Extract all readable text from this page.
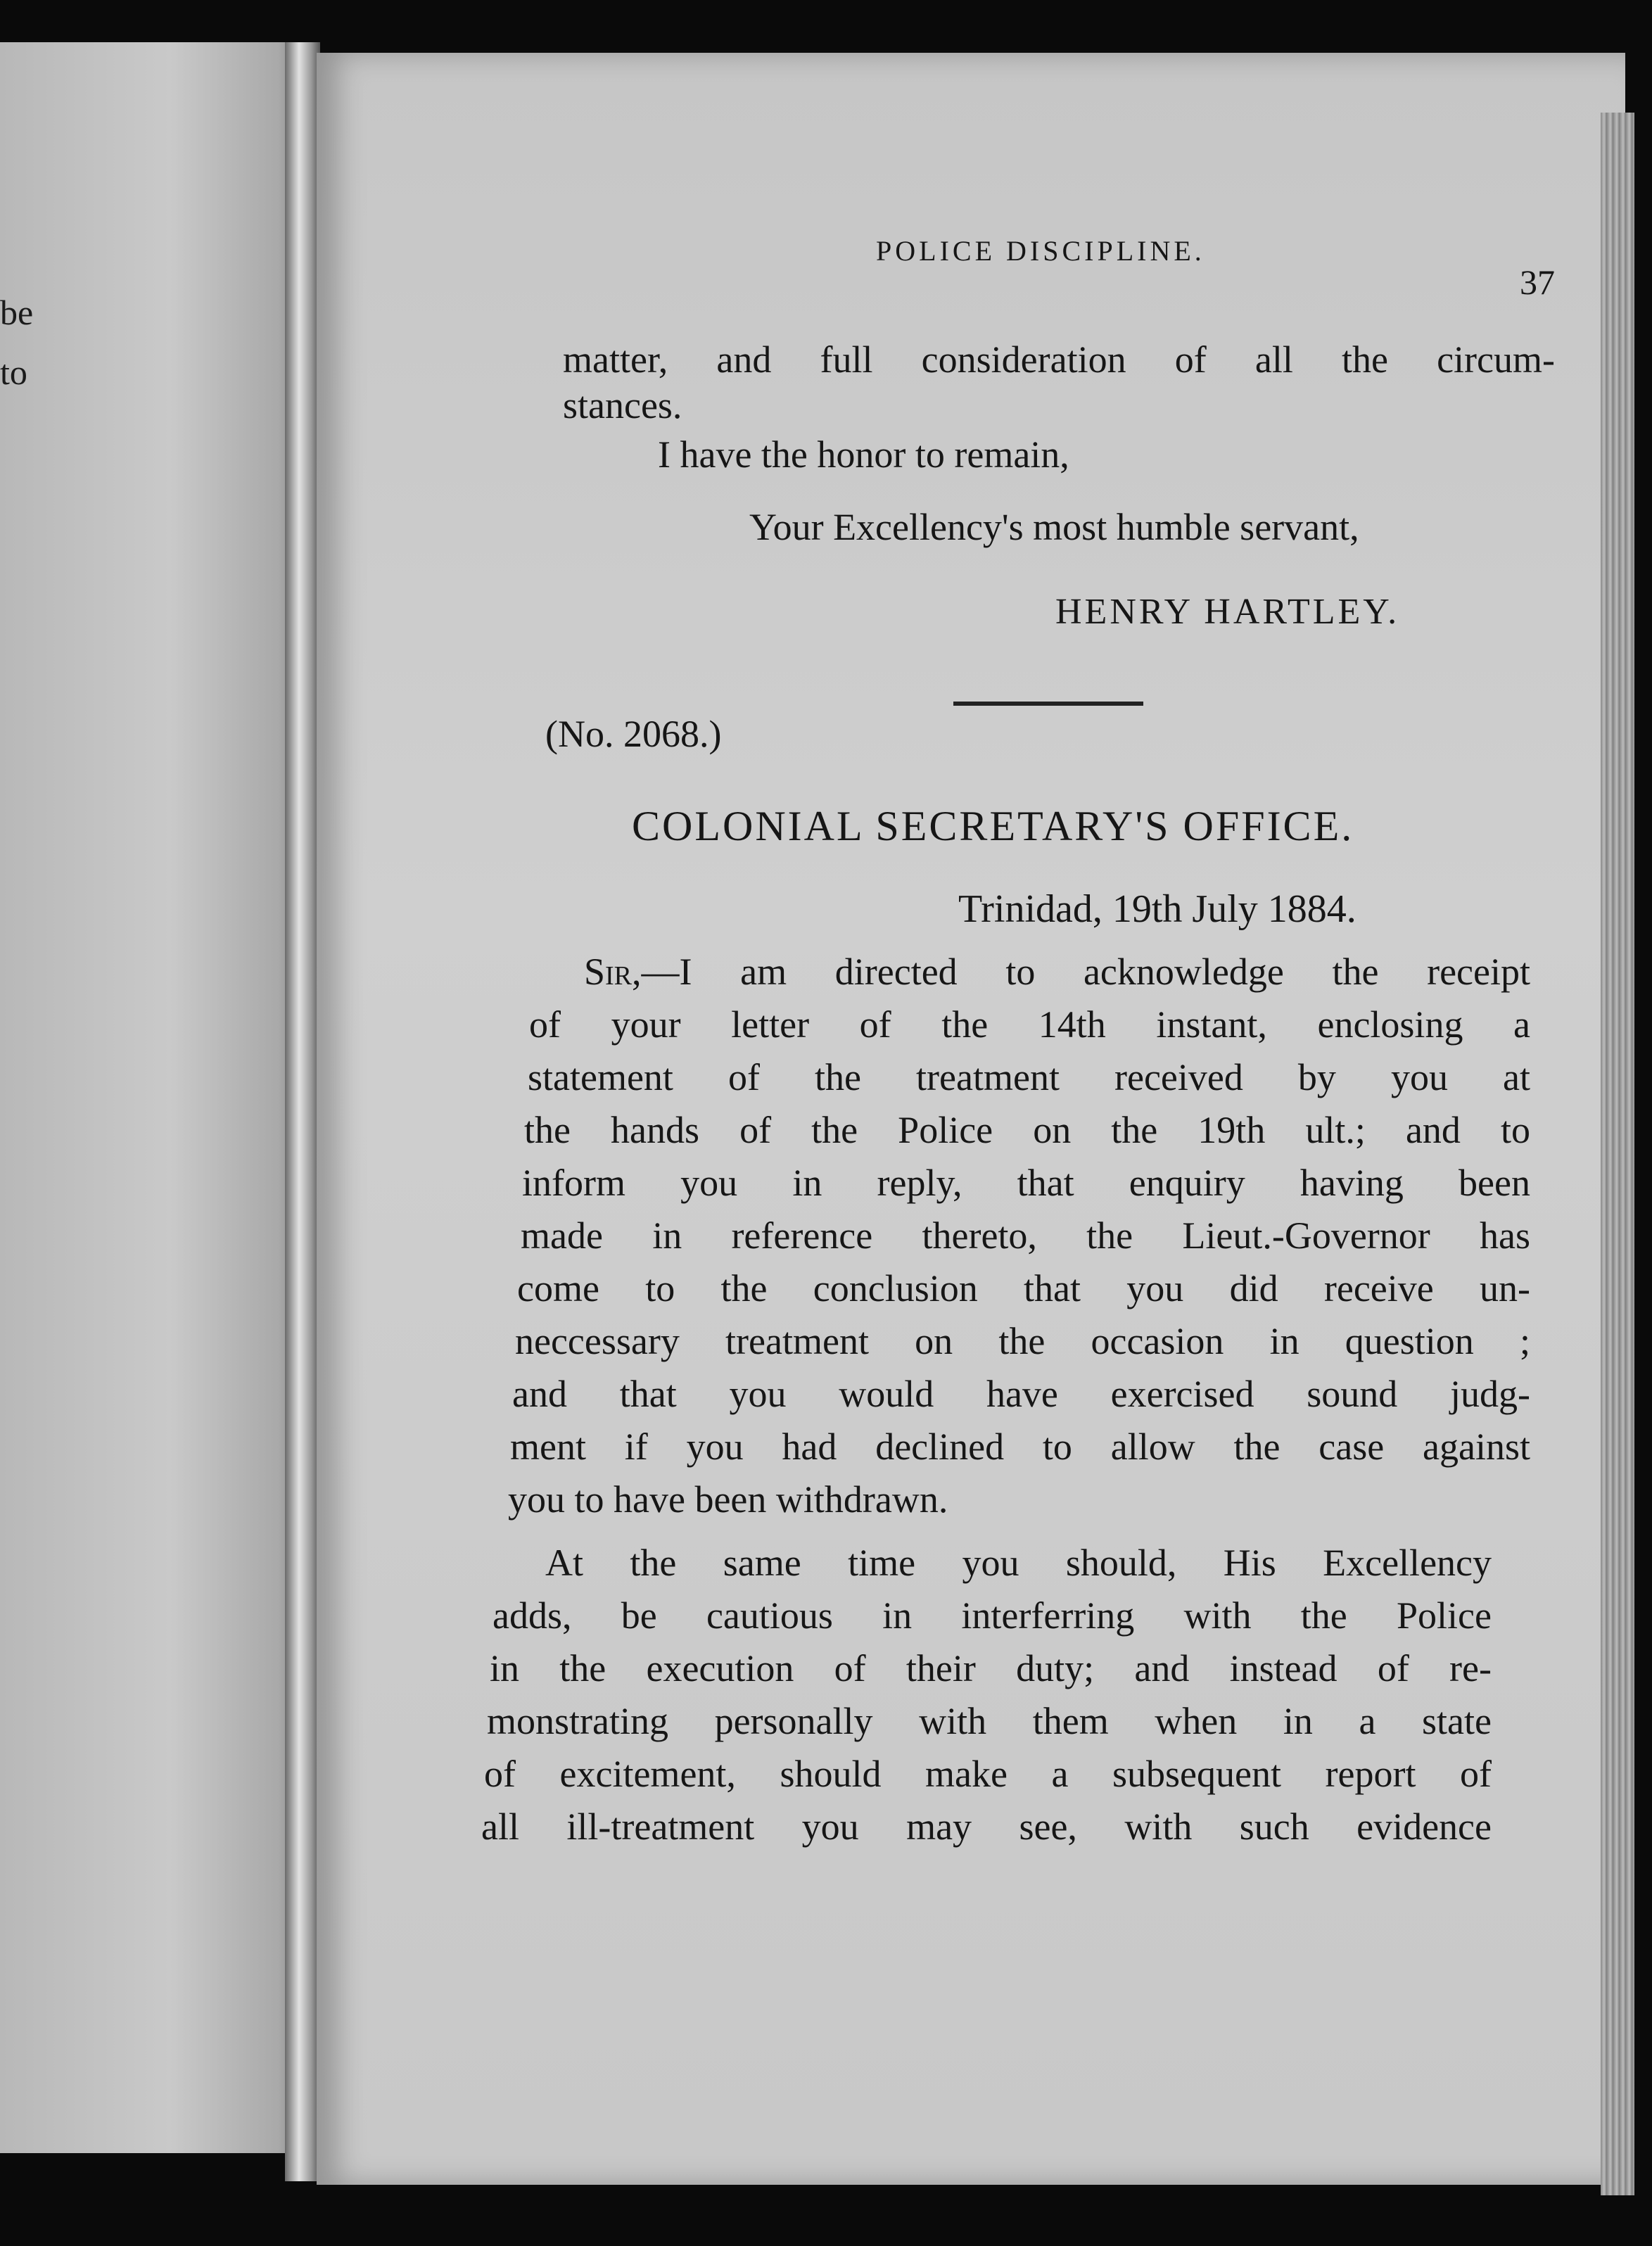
be
to

POLICE DISCIPLINE.

37

matter, and full consideration of all the circum-

stances.

I have the honor to remain,

Your Excellency's most humble servant,

HENRY HARTLEY.

(No. 2068.)

COLONIAL SECRETARY'S OFFICE.

Trinidad, 19th July 1884.

Sir,—I am directed to acknowledge the receipt

of your letter of the 14th instant, enclosing a

statement of the treatment received by you at

the hands of the Police on the 19th ult.; and to

inform you in reply, that enquiry having been

made in reference thereto, the Lieut.-Governor has

come to the conclusion that you did receive un-

neccessary treatment on the occasion in question ;

and that you would have exercised sound judg-

ment if you had declined to allow the case against

you to have been withdrawn.

At the same time you should, His Excellency

adds, be cautious in interferring with the Police

in the execution of their duty; and instead of re-

monstrating personally with them when in a state

of excitement, should make a subsequent report of

all ill-treatment you may see, with such evidence
